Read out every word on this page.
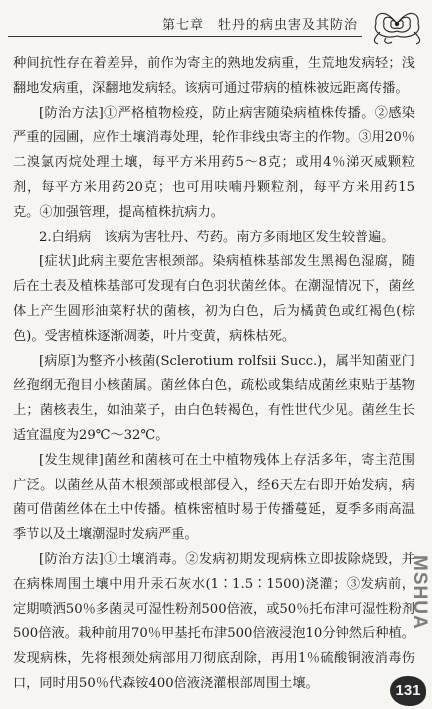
第七章　牡丹的病虫害及其防治

种间抗性存在着差异，前作为寄主的熟地发病重，生荒地发病轻；浅翻地发病重，深翻地发病轻。该病可通过带病的植株被远距离传播。

[防治方法]①严格植物检疫，防止病害随染病植株传播。②感染严重的园圃，应作土壤消毒处理，轮作非线虫寄主的作物。③用20％二溴氯丙烷处理土壤，每平方米用药5～8克；或用4％涕灭威颗粒剂，每平方米用药20克；也可用呋喃丹颗粒剂，每平方米用药15克。④加强管理，提高植株抗病力。

2.白绢病　该病为害牡丹、芍药。南方多雨地区发生较普遍。

[症状]此病主要危害根颈部。染病植株基部发生黑褐色湿腐，随后在土表及植株基部可发现有白色羽状菌丝体。在潮湿情况下，菌丝体上产生圆形油菜籽状的菌核，初为白色，后为橘黄色或红褐色(棕色)。受害植株逐渐凋萎，叶片变黄，病株枯死。

[病原]为整齐小核菌(Sclerotium rolfsii Succ.)，属半知菌亚门丝孢纲无孢目小核菌属。菌丝体白色，疏松或集结成菌丝束贴于基物上；菌核表生，如油菜子，由白色转褐色，有性世代少见。菌丝生长适宜温度为29℃～32℃。

[发生规律]菌丝和菌核可在土中植物残体上存活多年，寄主范围广泛。以菌丝从苗木根颈部或根部侵入，经6天左右即开始发病，病菌可借菌丝体在土中传播。植株密植时易于传播蔓延，夏季多雨高温季节以及土壤潮湿时发病严重。

[防治方法]①土壤消毒。②发病初期发现病株立即拔除烧毁，并在病株周围土壤中用升汞石灰水(1∶1.5∶1500)浇灌；③发病前，定期喷洒50％多菌灵可湿性粉剂500倍液，或50％托布津可湿性粉剂500倍液。栽种前用70％甲基托布津500倍液浸泡10分钟然后种植。发现病株，先将根颈处病部用刀彻底刮除，再用1％硫酸铜液消毒伤口，同时用50％代森铵400倍液浇灌根部周围土壤。

MSHUA
131
